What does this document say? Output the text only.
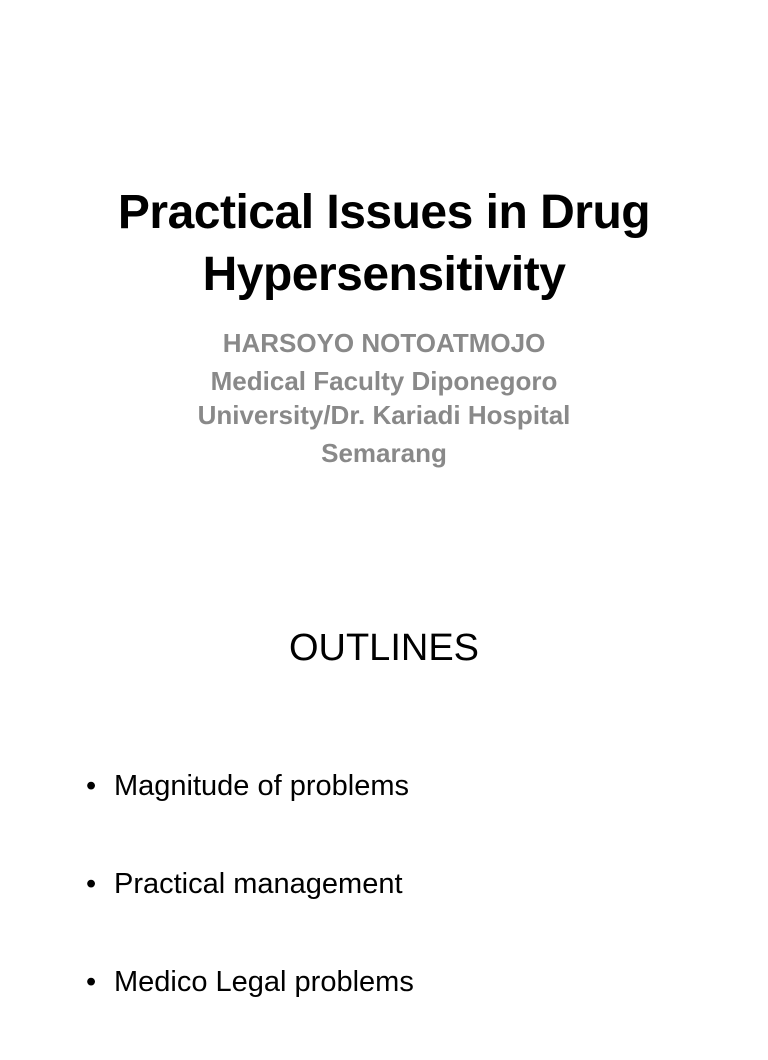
Practical Issues in Drug
Hypersensitivity
HARSOYO NOTOATMOJO
Medical Faculty Diponegoro
University/Dr. Kariadi Hospital
Semarang
OUTLINES
• Magnitude of problems
• Practical management
• Medico Legal problems
